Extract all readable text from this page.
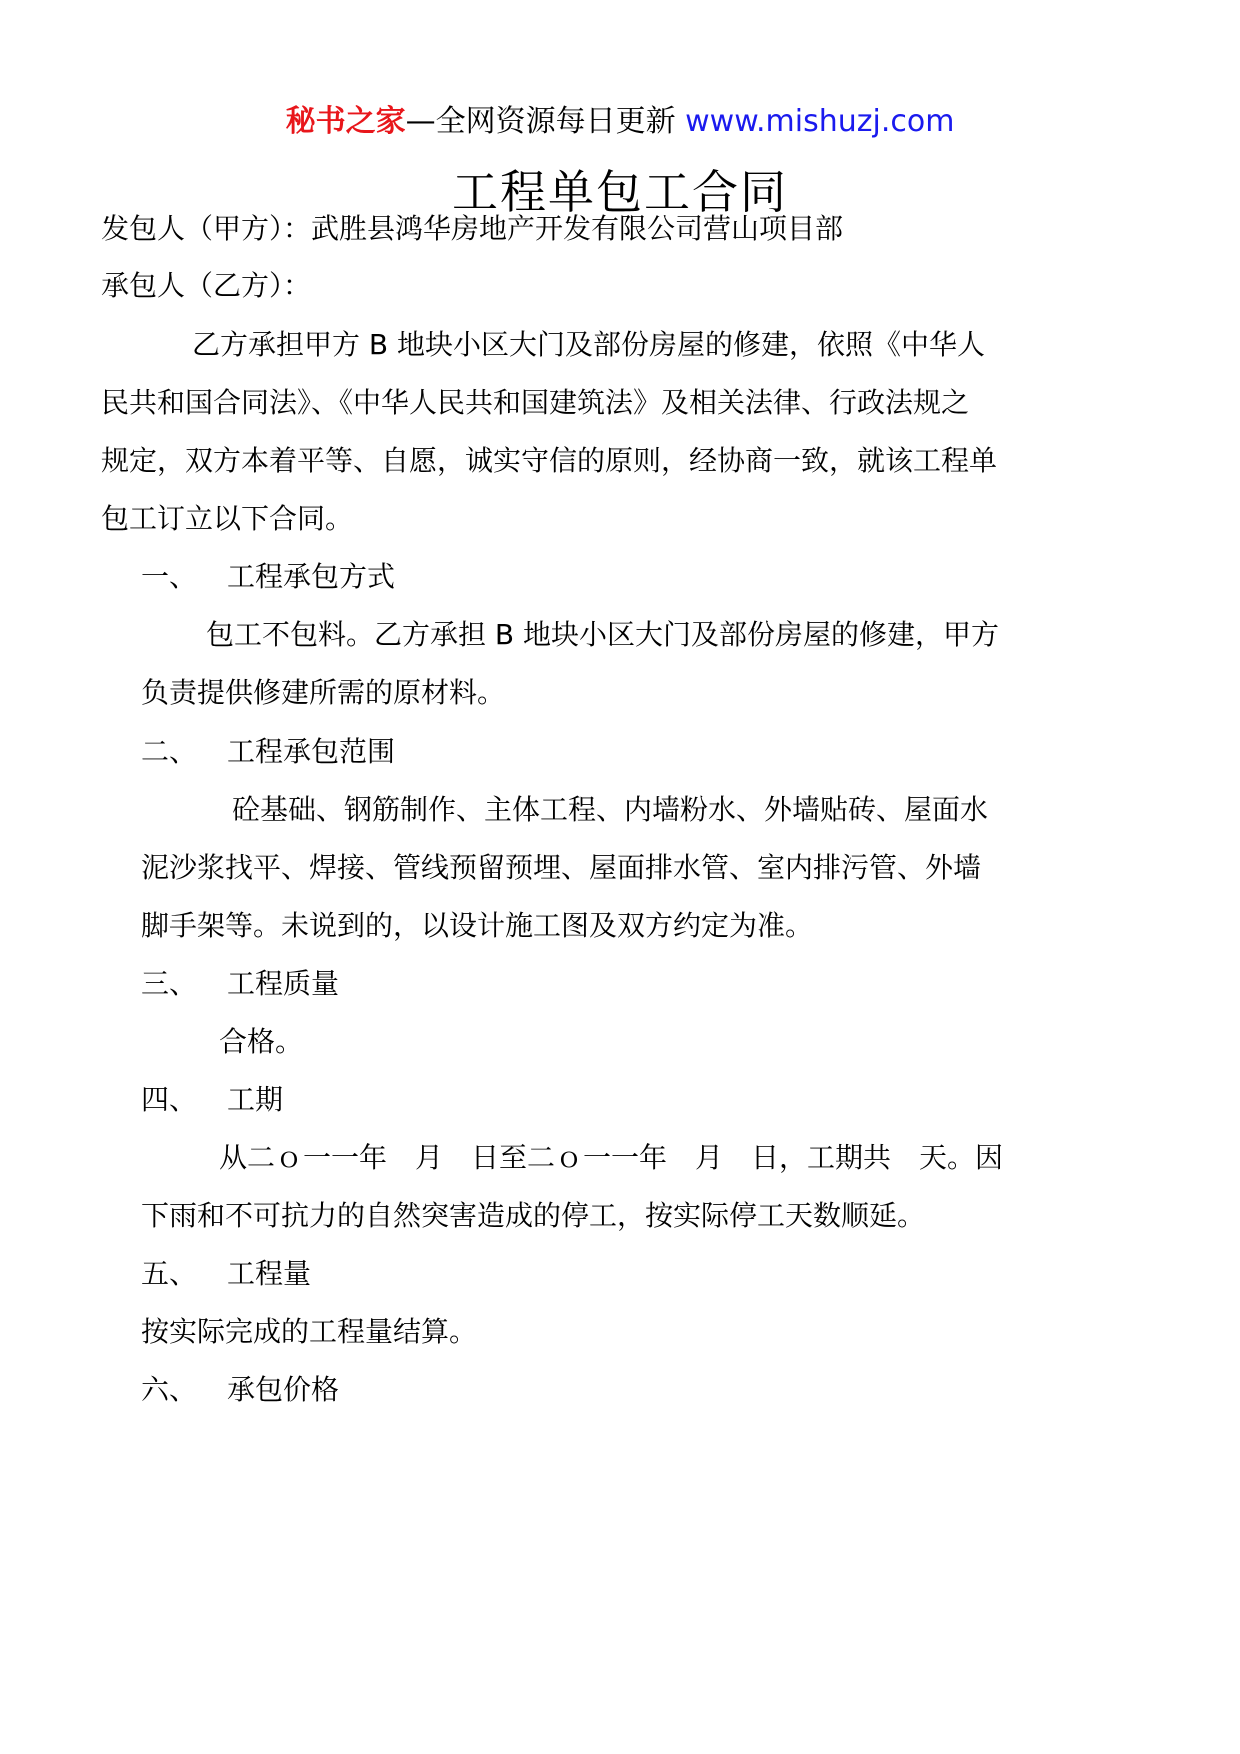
秘书之家—全网资源每日更新 www.mishuzj.com
工程单包工合同

发包人（甲方）：武胜县鸿华房地产开发有限公司营山项目部

承包人（乙方）：

乙方承担甲方 B 地块小区大门及部份房屋的修建，依照《中华人

民共和国合同法》、《中华人民共和国建筑法》及相关法律、行政法规之

规定，双方本着平等、自愿，诚实守信的原则，经协商一致，就该工程单

包工订立以下合同。

一、 工程承包方式

包工不包料。乙方承担 B 地块小区大门及部份房屋的修建，甲方

负责提供修建所需的原材料。

二、 工程承包范围

砼基础、钢筋制作、主体工程、内墙粉水、外墙贴砖、屋面水

泥沙浆找平、焊接、管线预留预埋、屋面排水管、室内排污管、外墙

脚手架等。未说到的，以设计施工图及双方约定为准。

三、 工程质量

合格。

四、 工期

从二ｏ一一年　月　日至二ｏ一一年　月　日，工期共　天。因

下雨和不可抗力的自然突害造成的停工，按实际停工天数顺延。

五、 工程量

按实际完成的工程量结算。

六、 承包价格
